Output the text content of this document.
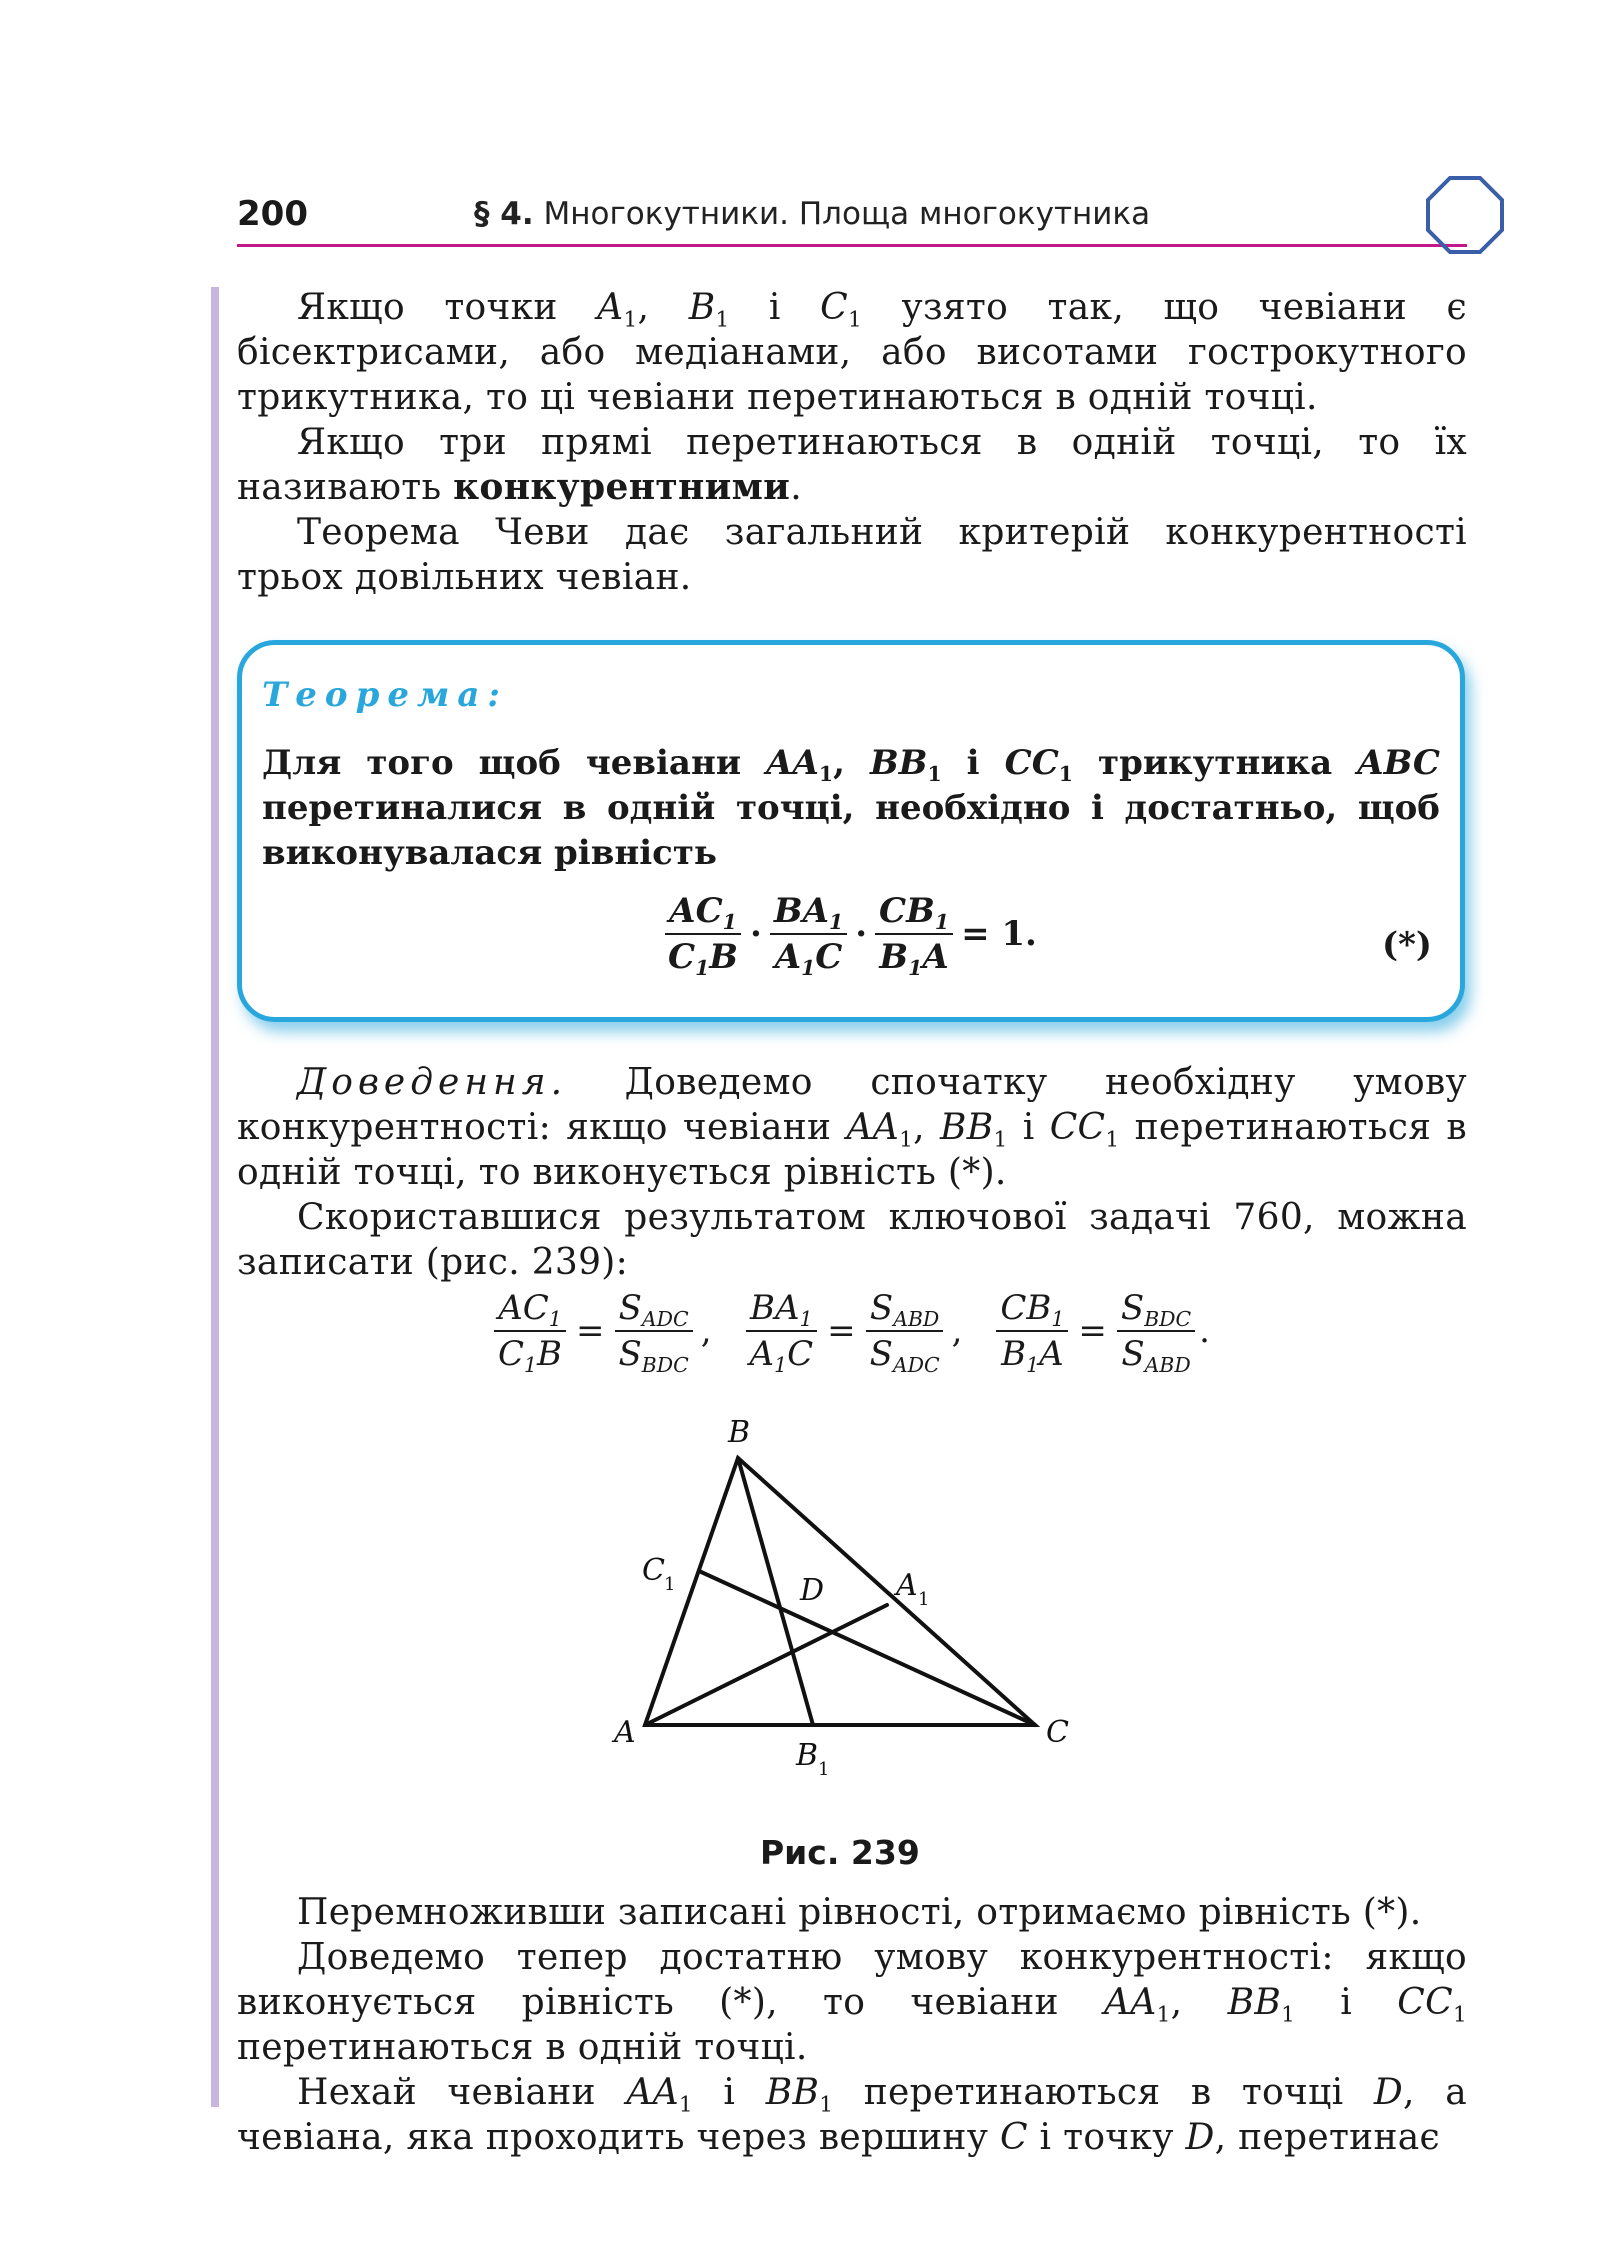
200	§ 4. Многокутники. Площа многокутника

Якщо точки $A_1$, $B_1$ і $C_1$ узято так, що чевіани є бісектрисами, або медіанами, або висотами гострокутного трикутника, то ці чевіани перетинаються в одній точці.

Якщо три прямі перетинаються в одній точці, то їх називають конкурентними.

Теорема Чеви дає загальний критерій конкурентності трьох довільних чевіан.

Теорема:
Для того щоб чевіани $AA_1$, $BB_1$ і $CC_1$ трикутника ABC перетиналися в одній точці, необхідно і достатньо, щоб виконувалася рівність
$\frac{AC_1}{C_1B} \cdot \frac{BA_1}{A_1C} \cdot \frac{CB_1}{B_1A} = 1$.	(*)

Доведення. Доведемо спочатку необхідну умову конкурентності: якщо чевіани $AA_1$, $BB_1$ і $CC_1$ перетинаються в одній точці, то виконується рівність (*).

Скориставшися результатом ключової задачі 760, можна записати (рис. 239):

$\frac{AC_1}{C_1B} = \frac{S_{ADC}}{S_{BDC}}$ , $\frac{BA_1}{A_1C} = \frac{S_{ABD}}{S_{ADC}}$ , $\frac{CB_1}{B_1A} = \frac{S_{BDC}}{S_{ABD}}$ .
B
A	C
D
C 1	A 1
B 1
Рис. 239

Перемноживши записані рівності, отримаємо рівність (*).

Доведемо тепер достатню умову конкурентності: якщо виконується рівність (*), то чевіани $AA_1$, $BB_1$ і $CC_1$ перетинаються в одній точці.

Нехай чевіани $AA_1$ і $BB_1$ перетинаються в точці D, а чевіана, яка проходить через вершину C і точку D, перетинає
